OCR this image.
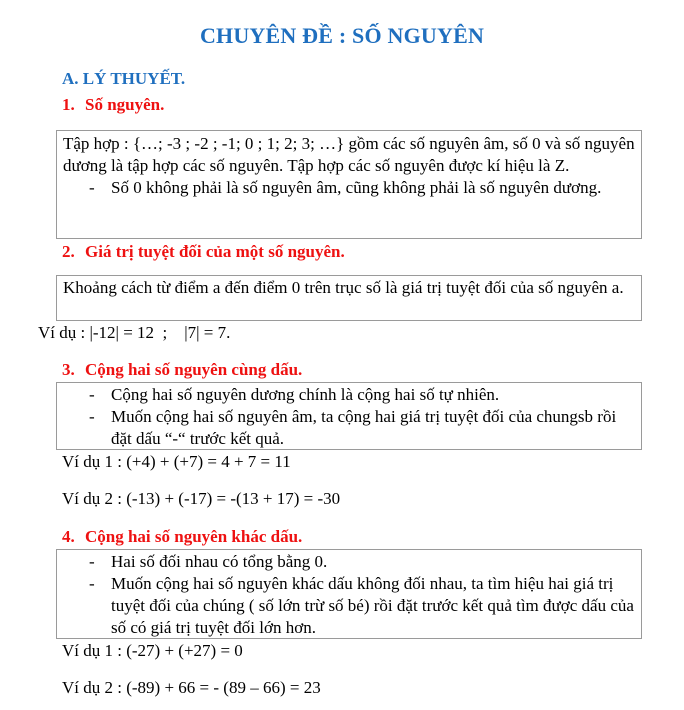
CHUYÊN ĐỀ : SỐ NGUYÊN
A. LÝ THUYẾT.
1. Số nguyên.

Tập hợp : {…; -3 ; -2 ; -1; 0 ; 1; 2; 3; …} gồm các số nguyên âm, số 0 và số nguyên dương là tập hợp các số nguyên. Tập hợp các số nguyên được kí hiệu là Z.

- Số 0 không phải là số nguyên âm, cũng không phải là số nguyên dương.
2. Giá trị tuyệt đối của một số nguyên.

Khoảng cách từ điểm a đến điểm 0 trên trục số là giá trị tuyệt đối của số nguyên a.

Ví dụ : |-12| = 12  ;    |7| = 7.
3. Cộng hai số nguyên cùng dấu.
- Cộng hai số nguyên dương chính là cộng hai số tự nhiên.
- Muốn cộng hai số nguyên âm, ta cộng hai giá trị tuyệt đối của chungsb rồi đặt dấu “-“ trước kết quả.
Ví dụ 1 : (+4) + (+7) = 4 + 7 = 11
Ví dụ 2 : (-13) + (-17) = -(13 + 17) = -30
4. Cộng hai số nguyên khác dấu.
- Hai số đối nhau có tổng bằng 0.
- Muốn cộng hai số nguyên khác dấu không đối nhau, ta tìm hiệu hai giá trị tuyệt đối của chúng ( số lớn trừ số bé) rồi đặt trước kết quả tìm được dấu của số có giá trị tuyệt đối lớn hơn.
Ví dụ 1 : (-27) + (+27) = 0
Ví dụ 2 : (-89) + 66 = - (89 – 66) = 23
